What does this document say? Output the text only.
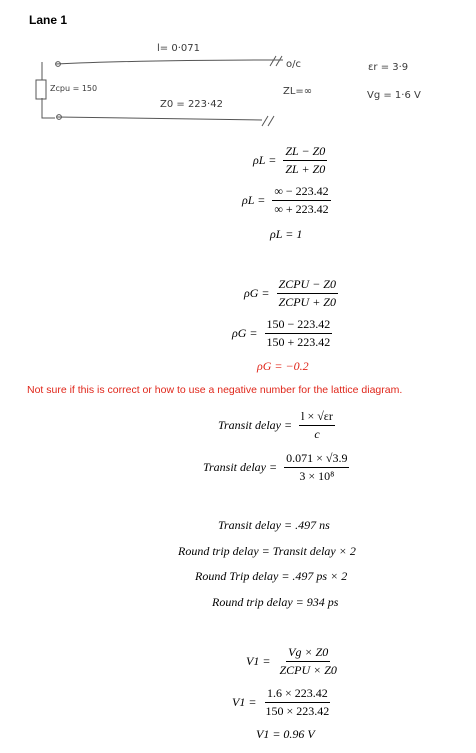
Lane 1
l= 0·071
o/c
ZL=∞
Zcpu = 150
Z0 = 223·42
εr = 3·9
Vg = 1·6 V
$\rho L = \frac{ZL - Z0}{ZL + Z0}$
$\rho L = \frac{\infty - 223.42}{\infty + 223.42}$
ρL = 1
$\rho G = \frac{\text{ZCPU − Z0}}{\text{ZCPU + Z0}}$
$\rho G = \frac{150 - 223.42}{150 + 223.42}$
ρG = −0.2
Not sure if this is correct or how to use a negative number for the lattice diagram.
Transit delay = $\frac{l \times √\varepsilon r}{c}$
Transit delay = $\frac{0.071 \times √3.9}{\text{3 × 10⁸}}$
Transit delay = .497 ns
Round trip delay = Transit delay × 2
Round Trip delay = .497 ps × 2
Round trip delay = 934 ps
$V1 = \frac{Vg \times Z0}{\text{ZCPU × Z0}}$
$V1 = \frac{1.6 \times 223.42}{150 \times 223.42}$
V1 = 0.96 V
